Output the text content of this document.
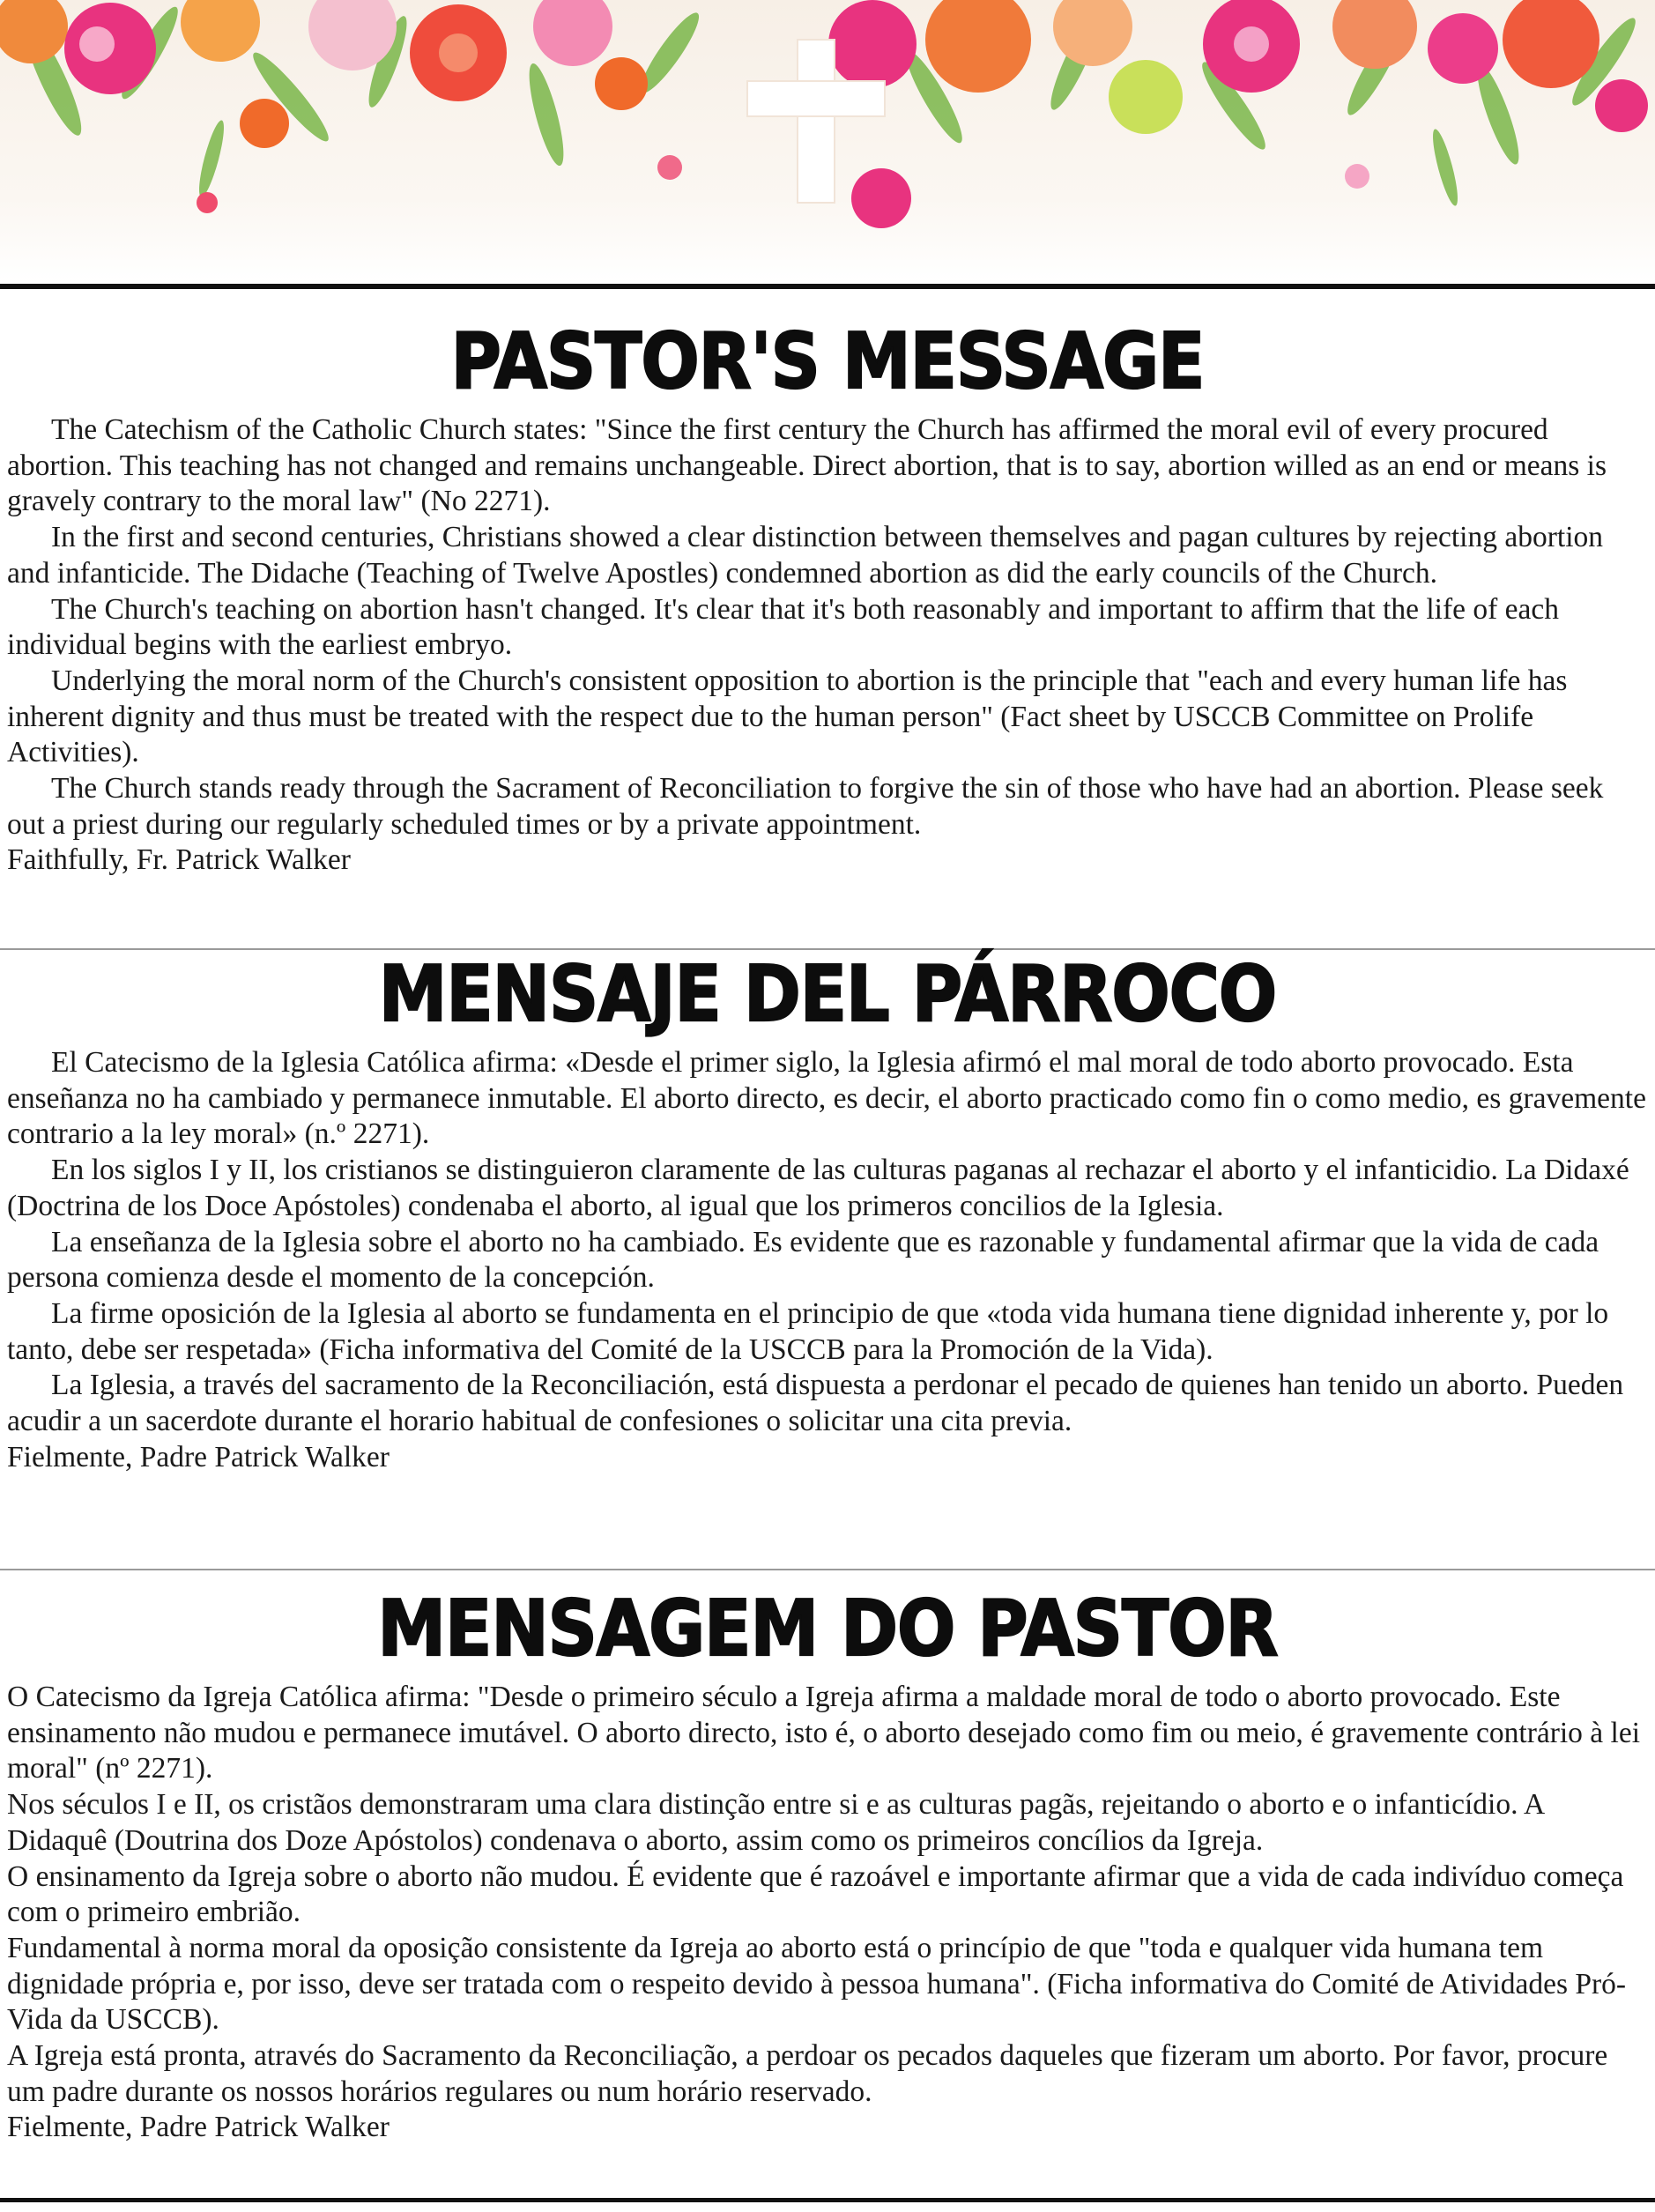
PASTOR'S MESSAGE

The Catechism of the Catholic Church states: "Since the first century the Church has affirmed the moral evil of every procured abortion. This teaching has not changed and remains unchangeable. Direct abortion, that is to say, abortion willed as an end or means is gravely contrary to the moral law" (No 2271).

In the first and second centuries, Christians showed a clear distinction between themselves and pagan cultures by rejecting abortion and infanticide. The Didache (Teaching of Twelve Apostles) condemned abortion as did the early councils of the Church.

The Church's teaching on abortion hasn't changed. It's clear that it's both reasonably and important to affirm that the life of each individual begins with the earliest embryo.

Underlying the moral norm of the Church's consistent opposition to abortion is the principle that "each and every human life has inherent dignity and thus must be treated with the respect due to the human person" (Fact sheet by USCCB Committee on Prolife Activities).

The Church stands ready through the Sacrament of Reconciliation to forgive the sin of those who have had an abortion. Please seek out a priest during our regularly scheduled times or by a private appointment.

Faithfully, Fr. Patrick Walker

MENSAJE DEL PÁRROCO

El Catecismo de la Iglesia Católica afirma: «Desde el primer siglo, la Iglesia afirmó el mal moral de todo aborto provocado. Esta enseñanza no ha cambiado y permanece inmutable. El aborto directo, es decir, el aborto practicado como fin o como medio, es gravemente contrario a la ley moral» (n.º 2271).

En los siglos I y II, los cristianos se distinguieron claramente de las culturas paganas al rechazar el aborto y el infanticidio. La Didaxé (Doctrina de los Doce Apóstoles) condenaba el aborto, al igual que los primeros concilios de la Iglesia.

La enseñanza de la Iglesia sobre el aborto no ha cambiado. Es evidente que es razonable y fundamental afirmar que la vida de cada persona comienza desde el momento de la concepción.

La firme oposición de la Iglesia al aborto se fundamenta en el principio de que «toda vida humana tiene dignidad inherente y, por lo tanto, debe ser respetada» (Ficha informativa del Comité de la USCCB para la Promoción de la Vida).

La Iglesia, a través del sacramento de la Reconciliación, está dispuesta a perdonar el pecado de quienes han tenido un aborto. Pueden acudir a un sacerdote durante el horario habitual de confesiones o solicitar una cita previa.

Fielmente, Padre Patrick Walker

MENSAGEM DO PASTOR

O Catecismo da Igreja Católica afirma: "Desde o primeiro século a Igreja afirma a maldade moral de todo o aborto provocado. Este ensinamento não mudou e permanece imutável. O aborto directo, isto é, o aborto desejado como fim ou meio, é gravemente contrário à lei moral" (nº 2271).

Nos séculos I e II, os cristãos demonstraram uma clara distinção entre si e as culturas pagãs, rejeitando o aborto e o infanticídio. A Didaquê (Doutrina dos Doze Apóstolos) condenava o aborto, assim como os primeiros concílios da Igreja.

O ensinamento da Igreja sobre o aborto não mudou. É evidente que é razoável e importante afirmar que a vida de cada indivíduo começa com o primeiro embrião.

Fundamental à norma moral da oposição consistente da Igreja ao aborto está o princípio de que "toda e qualquer vida humana tem dignidade própria e, por isso, deve ser tratada com o respeito devido à pessoa humana". (Ficha informativa do Comité de Atividades Pró-Vida da USCCB).

A Igreja está pronta, através do Sacramento da Reconciliação, a perdoar os pecados daqueles que fizeram um aborto. Por favor, procure um padre durante os nossos horários regulares ou num horário reservado.

Fielmente, Padre Patrick Walker
